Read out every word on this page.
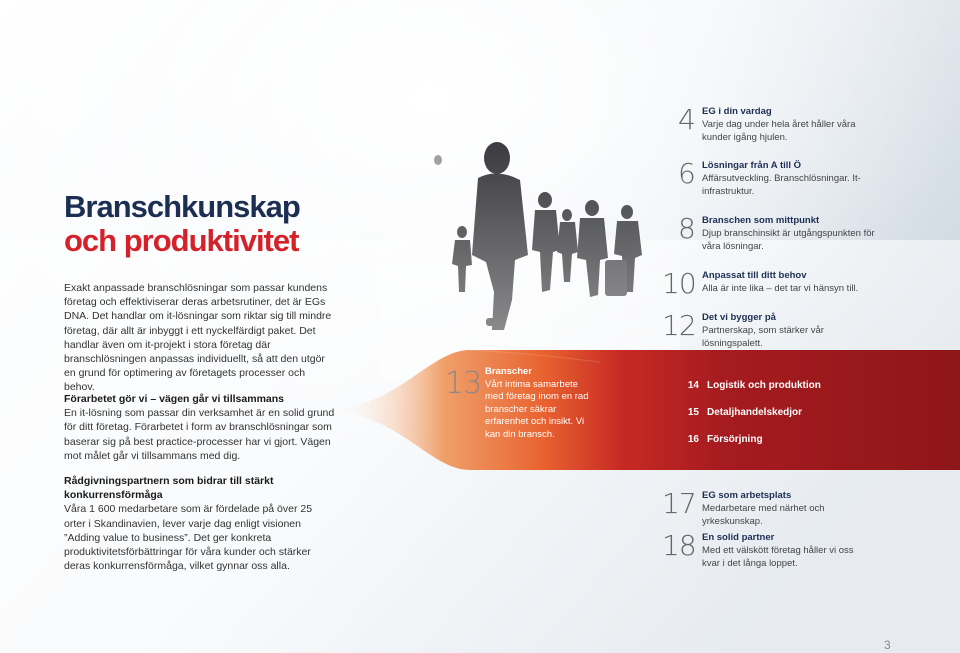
Branschkunskap
och produktivitet
Exakt anpassade branschlösningar som passar kundens företag och effektiviserar deras arbetsrutiner, det är EGs DNA. Det handlar om it-lösningar som riktar sig till mindre företag, där allt är inbyggt i ett nyckelfärdigt paket. Det handlar även om it-projekt i stora företag där branschlösningen anpassas individuellt, så att den utgör en grund för optimering av företagets processer och behov.
Förarbetet gör vi – vägen går vi tillsammans
En it-lösning som passar din verksamhet är en solid grund för ditt företag. Förarbetet i form av branschlösningar som baserar sig på best practice-processer har vi gjort. Vägen mot målet går vi tillsammans med dig.
Rådgivningspartnern som bidrar till stärkt konkurrensförmåga
Våra 1 600 medarbetare som är fördelade på över 25 orter i Skandinavien, lever varje dag enligt visionen ”Adding value to business”. Det ger konkreta produktivitetsförbättringar för våra kunder och stärker deras konkurrensförmåga, vilket gynnar oss alla.
4 EG i din vardag
Varje dag under hela året håller våra kunder igång hjulen.
6 Lösningar från A till Ö
Affärsutveckling. Branschlösningar. It-infrastruktur.
8 Branschen som mittpunkt
Djup branschinsikt är utgångspunkten för våra lösningar.
10 Anpassat till ditt behov
Alla är inte lika – det tar vi hänsyn till.
12 Det vi bygger på
Partnerskap, som stärker vår lösningspalett.
13 Branscher
Vårt intima samarbete med företag inom en rad branscher säkrar erfarenhet och insikt. Vi kan din bransch.
14 Logistik och produktion
15 Detaljhandelskedjor
16 Försörjning
17 EG som arbetsplats
Medarbetare med närhet och yrkeskunskap.
18 En solid partner
Med ett välskött företag håller vi oss kvar i det långa loppet.
3
